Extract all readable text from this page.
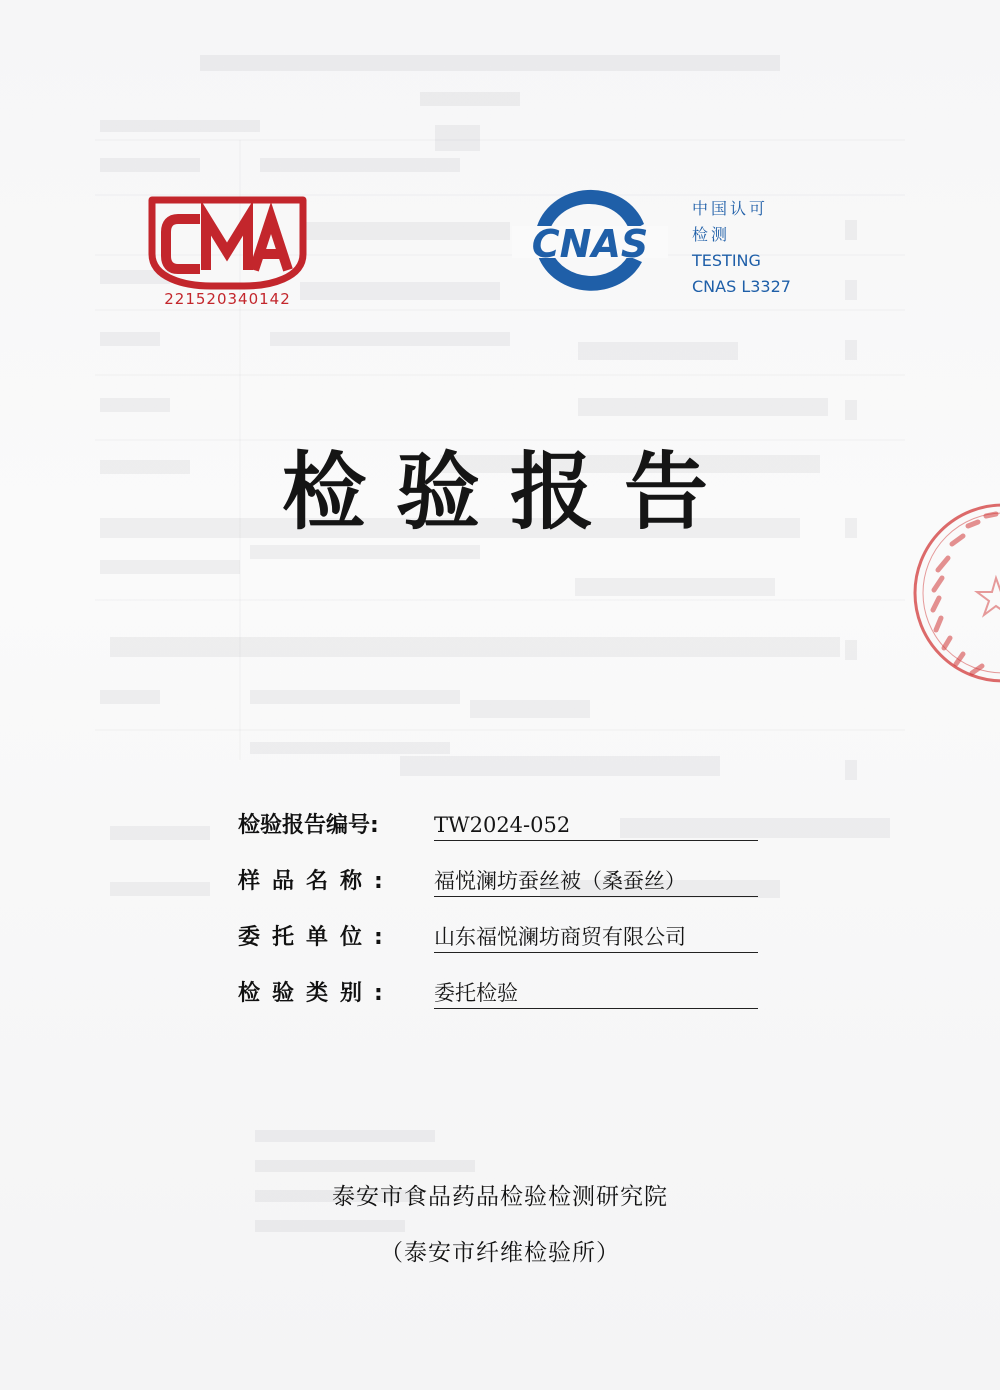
221520340142
CNAS
中国认可
检测
TESTING
CNAS L3327
检验报告
检验报告编号:	TW2024-052
样品名称:	福悦澜坊蚕丝被（桑蚕丝）
委托单位:	山东福悦澜坊商贸有限公司
检验类别:	委托检验
泰安市食品药品检验检测研究院
（泰安市纤维检验所）
